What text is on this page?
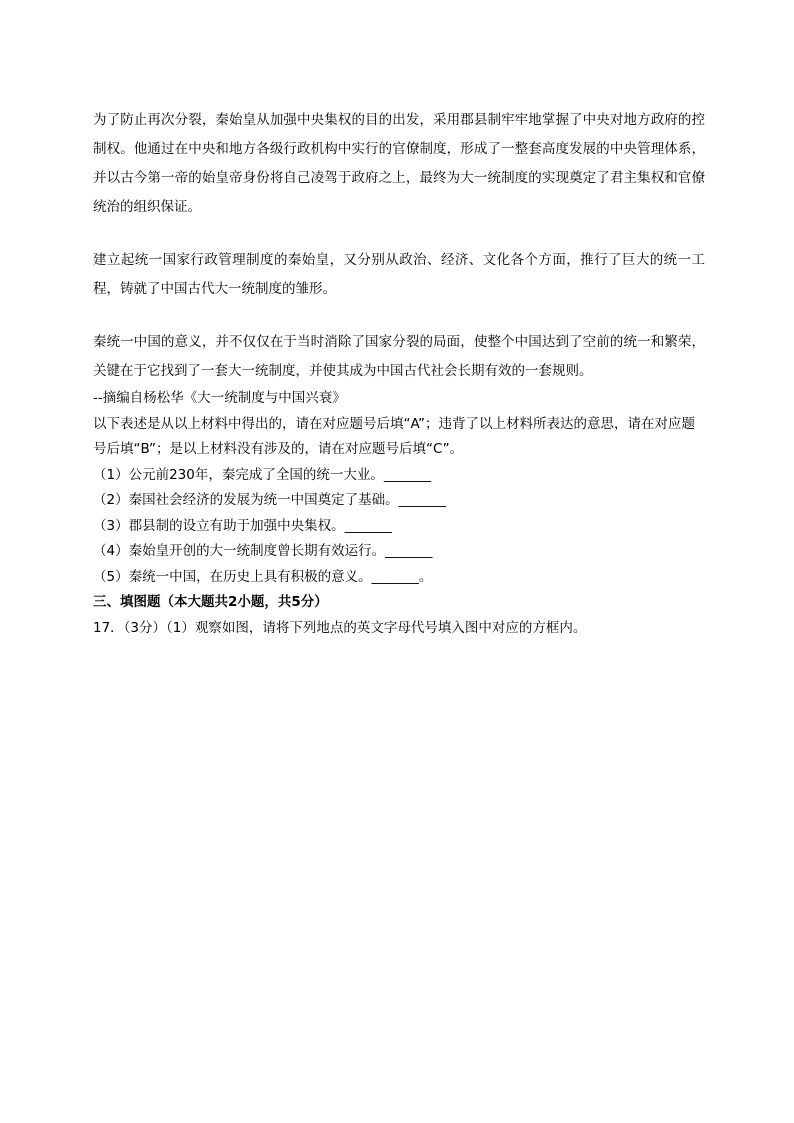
为了防止再次分裂，秦始皇从加强中央集权的目的出发，采用郡县制牢牢地掌握了中央对地方政府的控制权。他通过在中央和地方各级行政机构中实行的官僚制度，形成了一整套高度发展的中央管理体系，并以古今第一帝的始皇帝身份将自己凌驾于政府之上，最终为大一统制度的实现奠定了君主集权和官僚统治的组织保证。

建立起统一国家行政管理制度的秦始皇，又分别从政治、经济、文化各个方面，推行了巨大的统一工程，铸就了中国古代大一统制度的雏形。

秦统一中国的意义，并不仅仅在于当时消除了国家分裂的局面，使整个中国达到了空前的统一和繁荣，关键在于它找到了一套大一统制度，并使其成为中国古代社会长期有效的一套规则。

--摘编自杨松华《大一统制度与中国兴衰》
以下表述是从以上材料中得出的，请在对应题号后填“A”；违背了以上材料所表达的意思，请在对应题号后填“B”；是以上材料没有涉及的，请在对应题号后填“C”。
（1）公元前230年，秦完成了全国的统一大业。_______
（2）秦国社会经济的发展为统一中国奠定了基础。_______
（3）郡县制的设立有助于加强中央集权。_______
（4）秦始皇开创的大一统制度曾长期有效运行。_______
（5）秦统一中国，在历史上具有积极的意义。_______。
三、填图题（本大题共2小题，共5分）
17．（3分）（1）观察如图，请将下列地点的英文字母代号填入图中对应的方框内。
